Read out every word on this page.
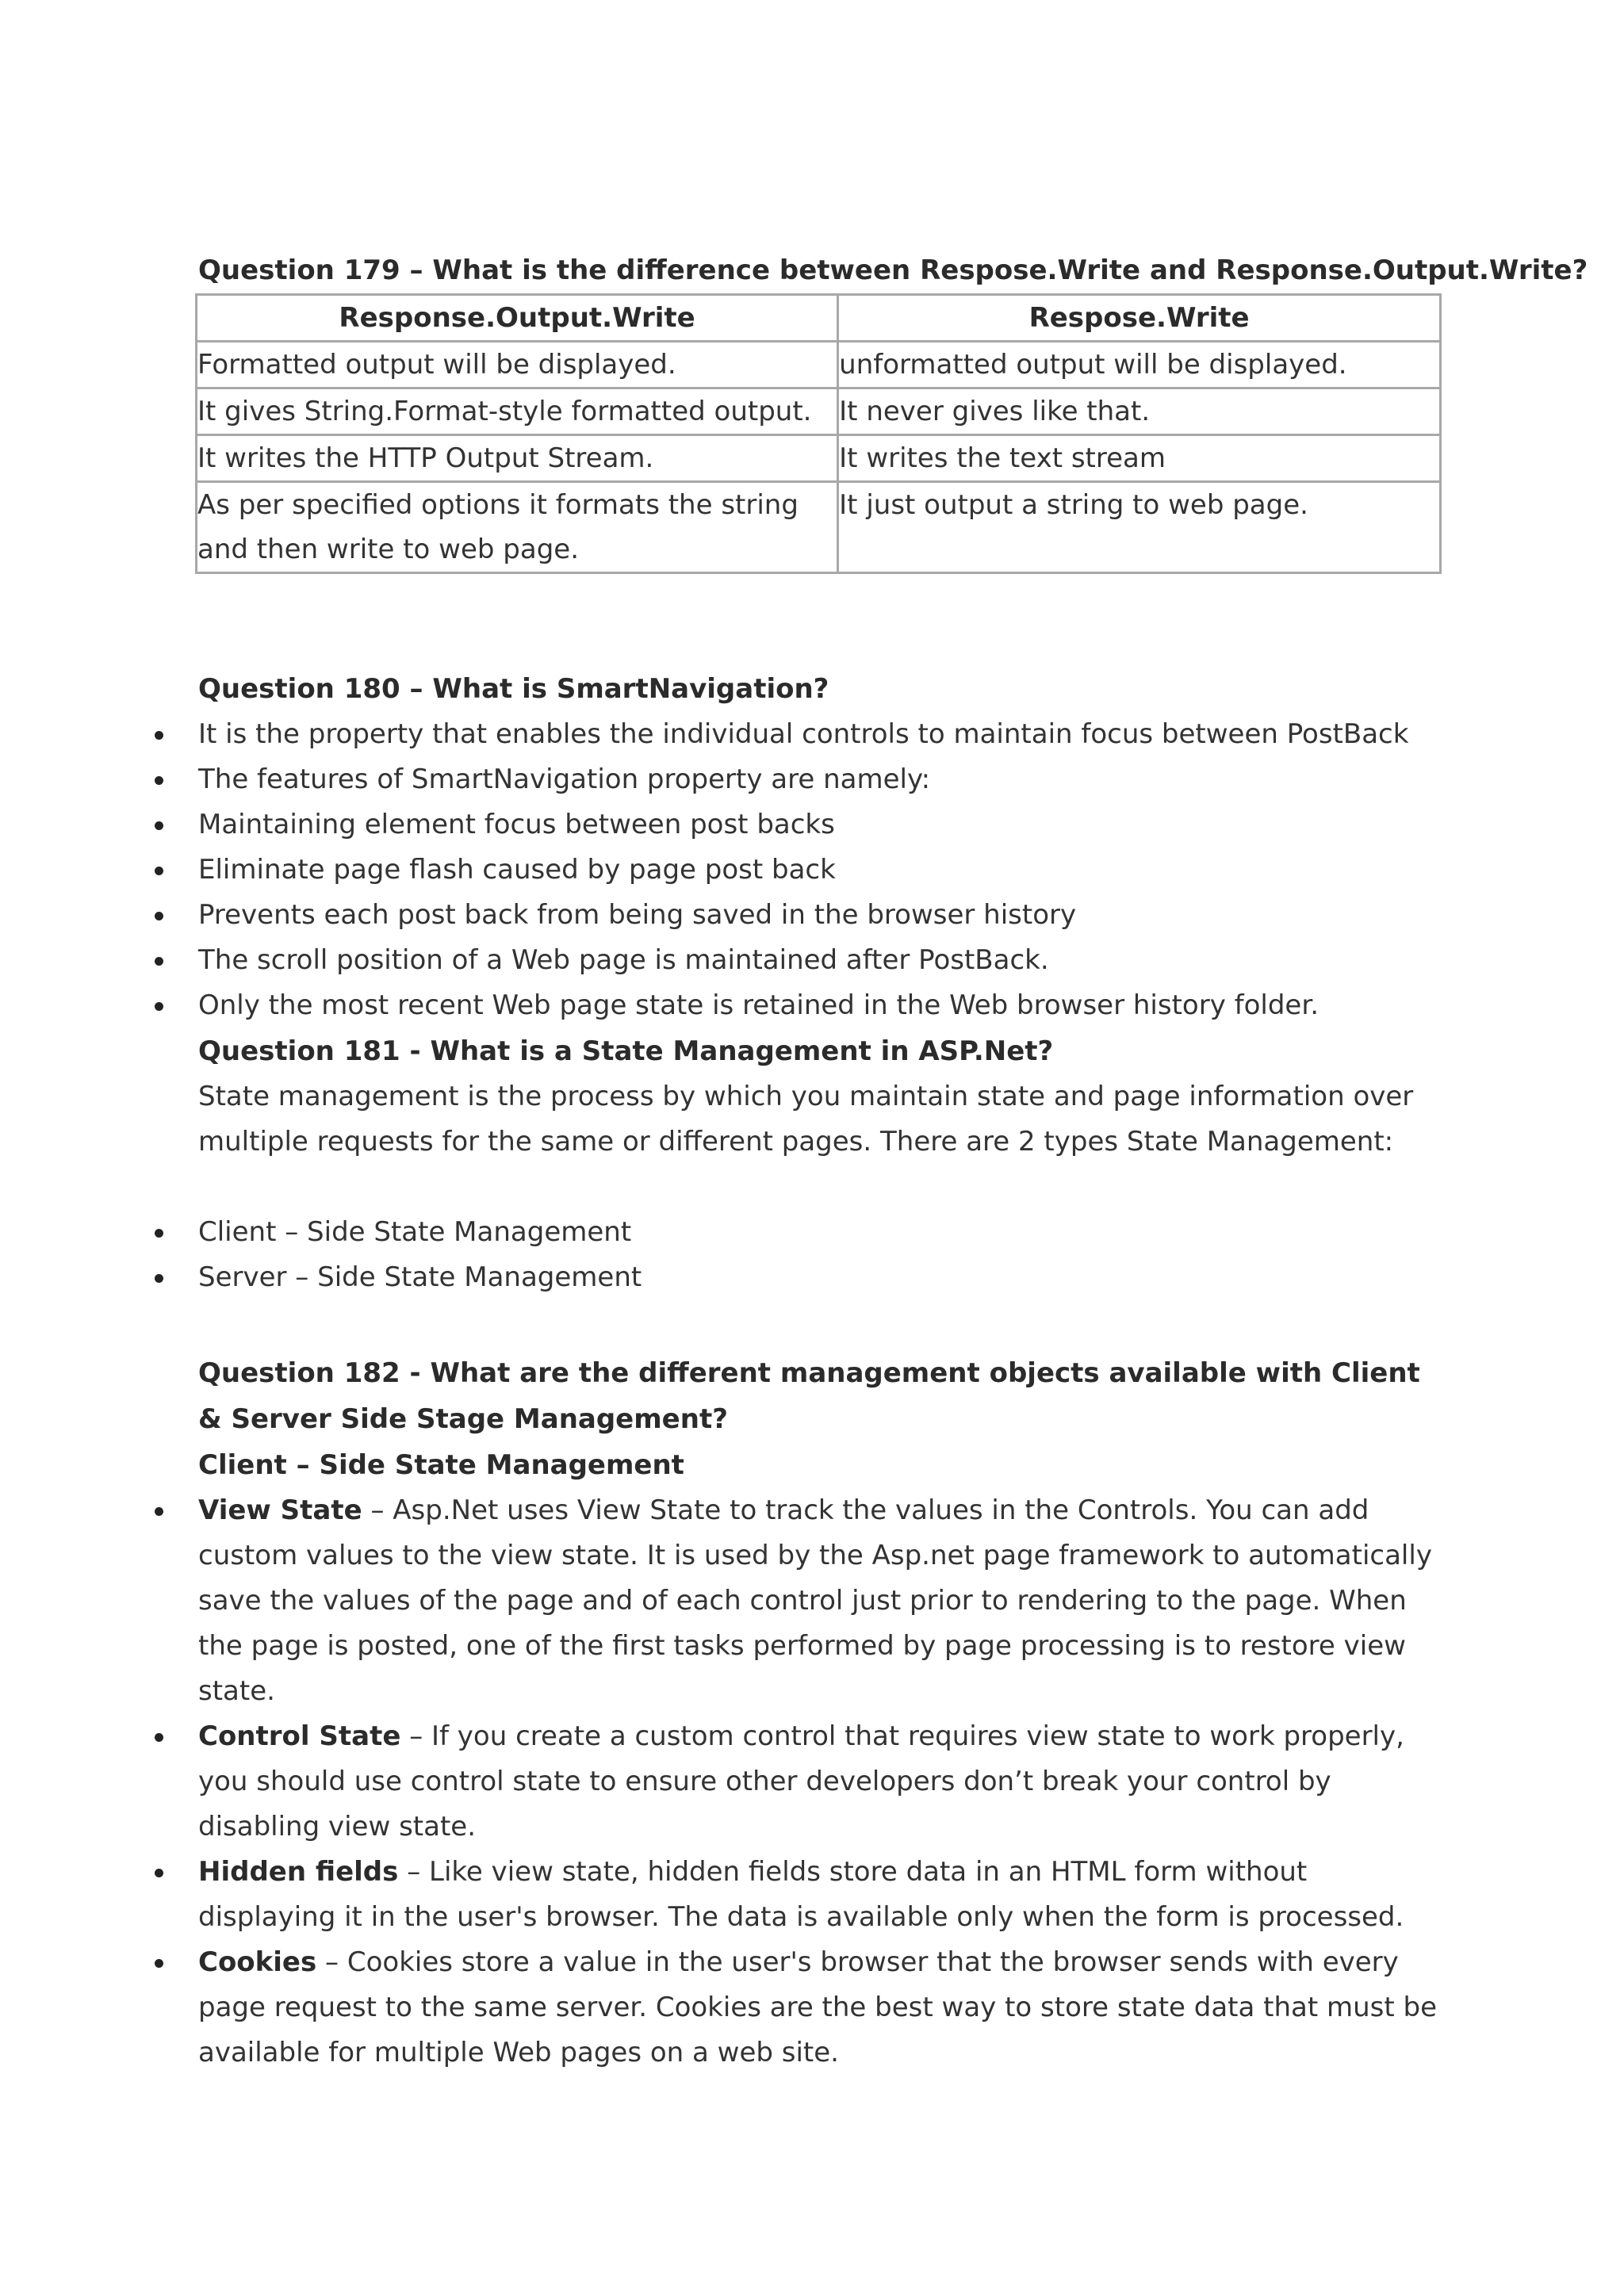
Question 179 – What is the difference between Respose.Write and Response.Output.Write?

Response.Output.Write	Respose.Write
Formatted output will be displayed.	unformatted output will be displayed.
It gives String.Format-style formatted output.	It never gives like that.
It writes the HTTP Output Stream.	It writes the text stream
As per specified options it formats the string and then write to web page.	It just output a string to web page.

Question 180 – What is SmartNavigation?

It is the property that enables the individual controls to maintain focus between PostBack
The features of SmartNavigation property are namely:
Maintaining element focus between post backs
Eliminate page flash caused by page post back
Prevents each post back from being saved in the browser history
The scroll position of a Web page is maintained after PostBack.
Only the most recent Web page state is retained in the Web browser history folder.

Question 181 - What is a State Management in ASP.Net?

State management is the process by which you maintain state and page information over multiple requests for the same or different pages. There are 2 types State Management:

Client – Side State Management
Server – Side State Management

Question 182 - What are the different management objects available with Client & Server Side Stage Management?

Client – Side State Management

View State – Asp.Net uses View State to track the values in the Controls. You can add custom values to the view state. It is used by the Asp.net page framework to automatically save the values of the page and of each control just prior to rendering to the page. When the page is posted, one of the first tasks performed by page processing is to restore view state.
Control State – If you create a custom control that requires view state to work properly, you should use control state to ensure other developers don’t break your control by disabling view state.
Hidden fields – Like view state, hidden fields store data in an HTML form without displaying it in the user's browser. The data is available only when the form is processed.
Cookies – Cookies store a value in the user's browser that the browser sends with every page request to the same server. Cookies are the best way to store state data that must be available for multiple Web pages on a web site.
